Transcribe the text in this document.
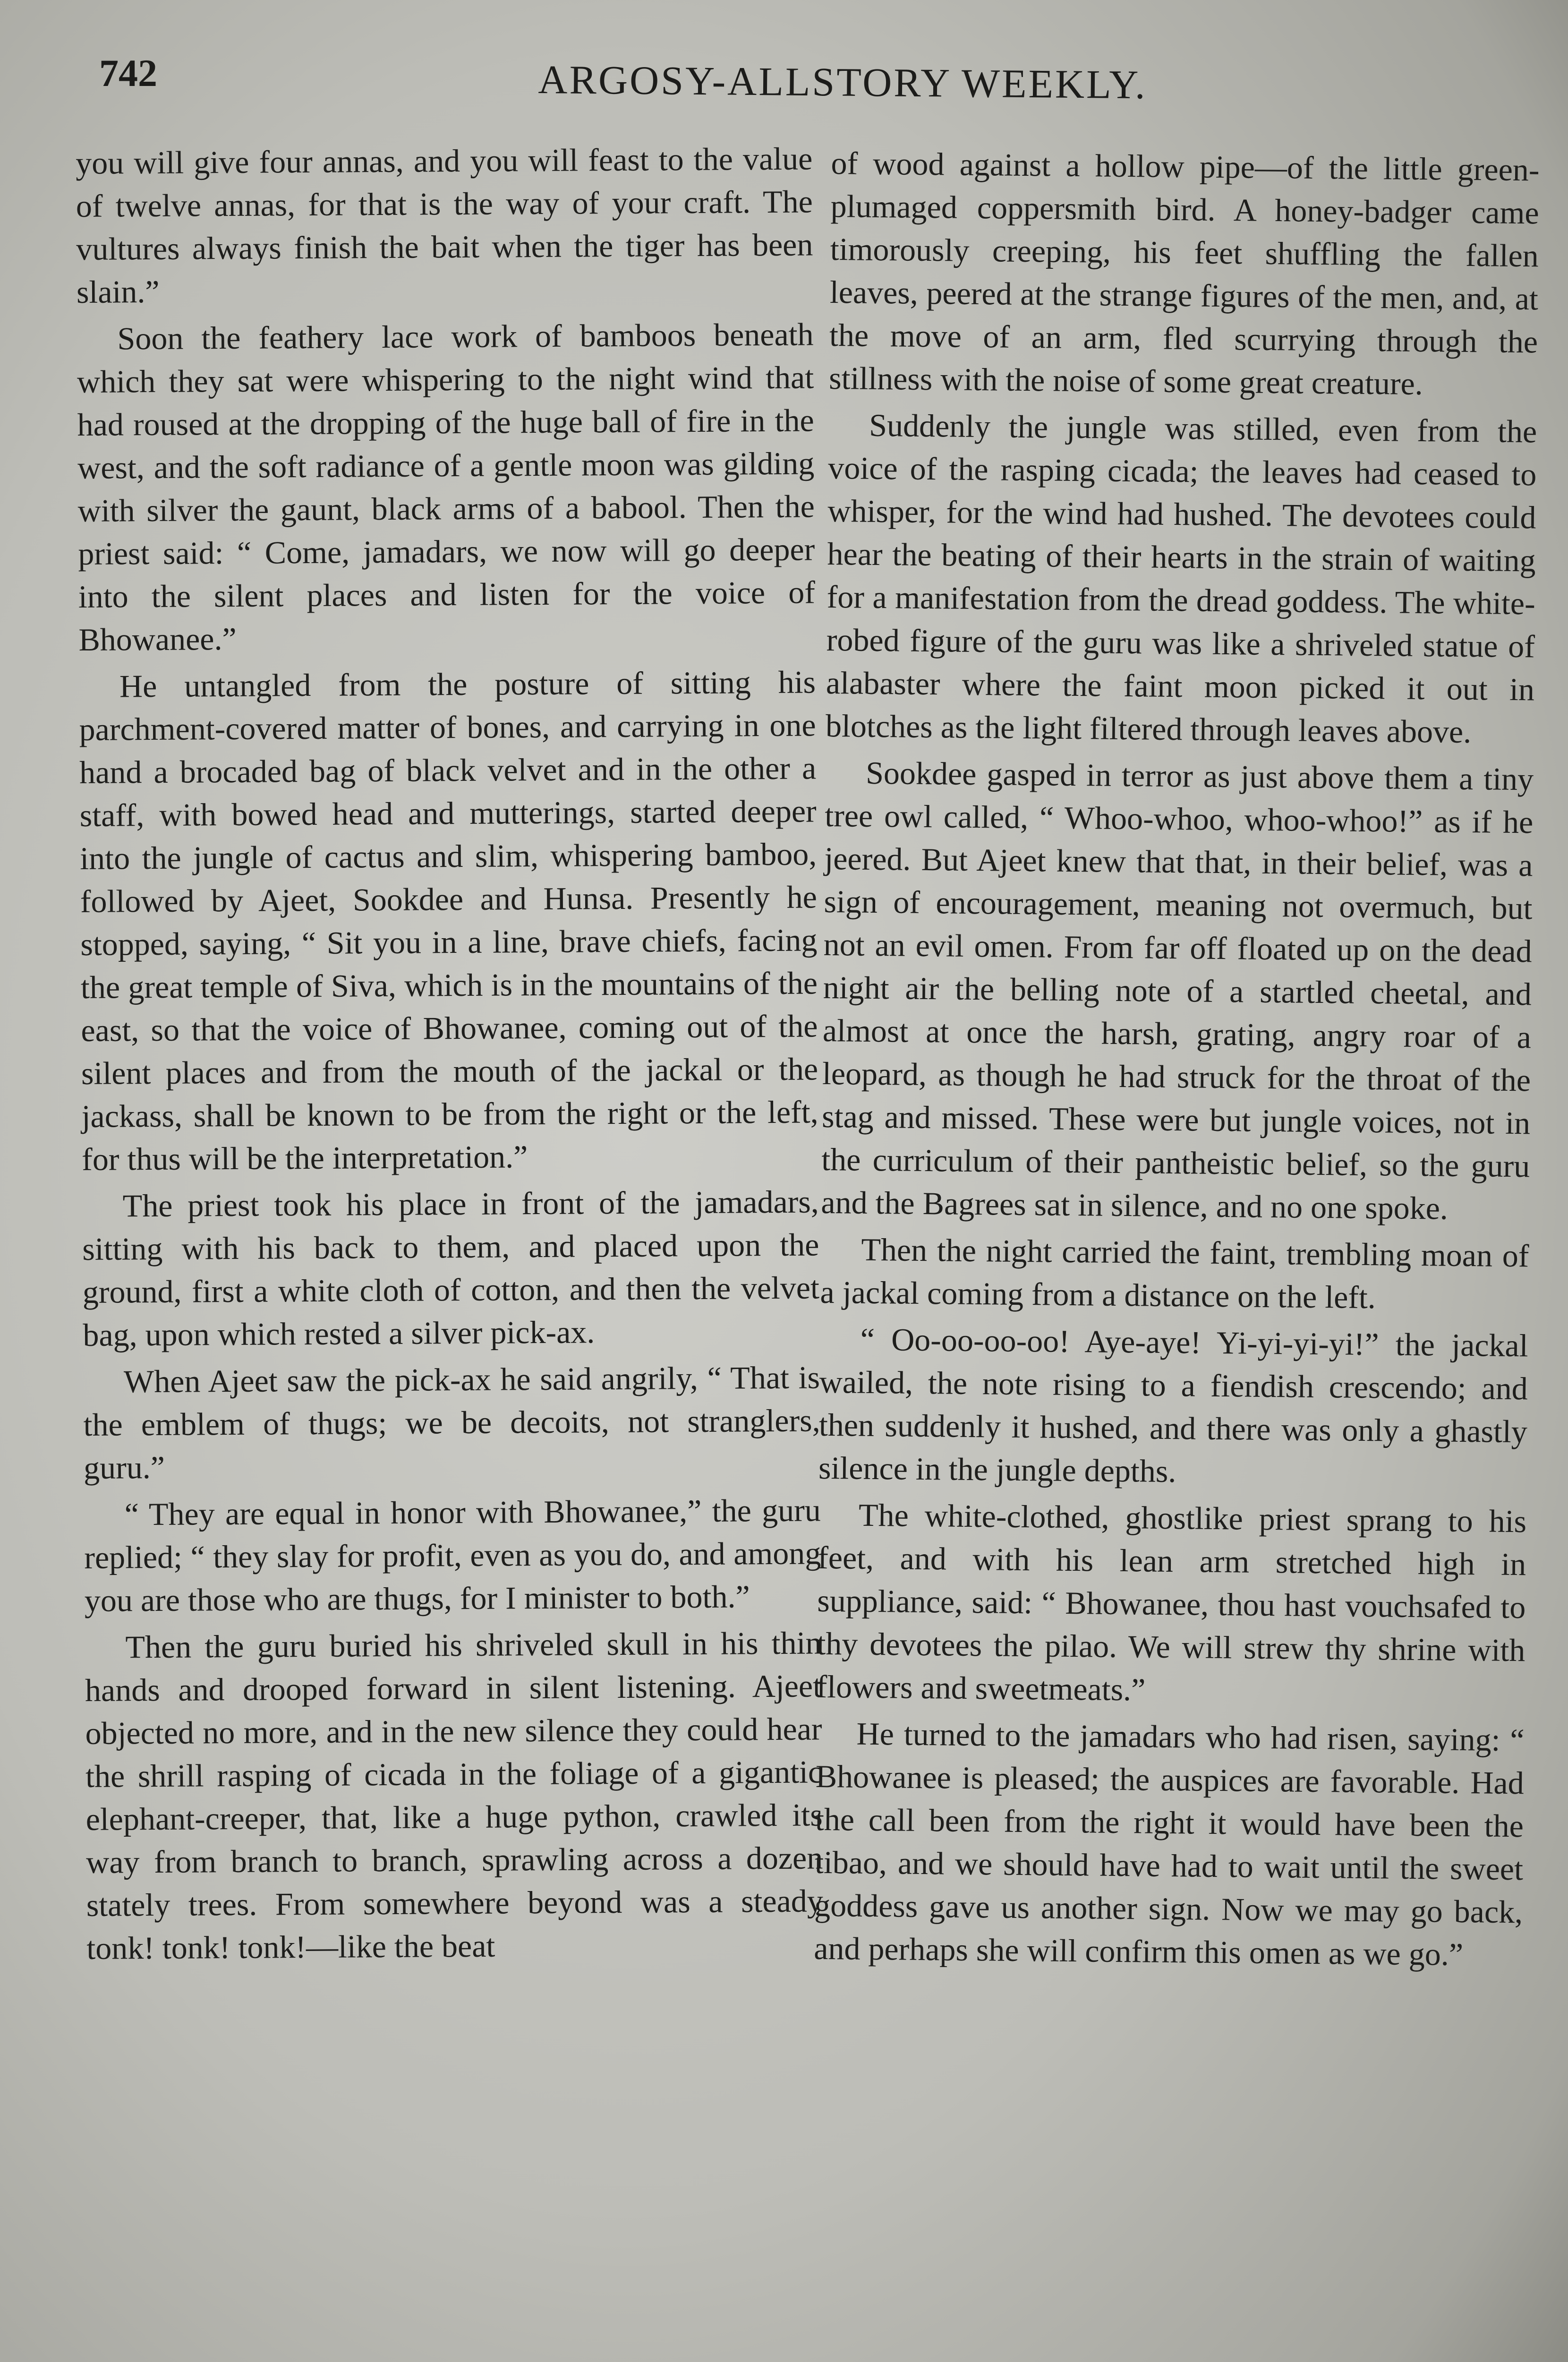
742	ARGOSY-ALLSTORY WEEKLY.

you will give four annas, and you will feast to the value of twelve annas, for that is the way of your craft. The vultures always finish the bait when the tiger has been slain.”

Soon the feathery lace work of bamboos beneath which they sat were whispering to the night wind that had roused at the dropping of the huge ball of fire in the west, and the soft radiance of a gentle moon was gilding with silver the gaunt, black arms of a babool. Then the priest said: “ Come, jamadars, we now will go deeper into the silent places and listen for the voice of Bhowanee.”

He untangled from the posture of sitting his parchment-covered matter of bones, and carrying in one hand a brocaded bag of black velvet and in the other a staff, with bowed head and mutterings, started deeper into the jungle of cactus and slim, whispering bamboo, followed by Ajeet, Sookdee and Hunsa. Presently he stopped, saying, “ Sit you in a line, brave chiefs, facing the great temple of Siva, which is in the mountains of the east, so that the voice of Bhowanee, coming out of the silent places and from the mouth of the jackal or the jackass, shall be known to be from the right or the left, for thus will be the interpretation.”

The priest took his place in front of the jamadars, sitting with his back to them, and placed upon the ground, first a white cloth of cotton, and then the velvet bag, upon which rested a silver pick-ax.

When Ajeet saw the pick-ax he said angrily, “ That is the emblem of thugs; we be decoits, not stranglers, guru.”

“ They are equal in honor with Bhowanee,” the guru replied; “ they slay for profit, even as you do, and among you are those who are thugs, for I minister to both.”

Then the guru buried his shriveled skull in his thin hands and drooped forward in silent listening. Ajeet objected no more, and in the new silence they could hear the shrill rasping of cicada in the foliage of a gigantic elephant-creeper, that, like a huge python, crawled its way from branch to branch, sprawling across a dozen stately trees. From somewhere beyond was a steady tonk! tonk! tonk!—like the beat

of wood against a hollow pipe—of the little green-plumaged coppersmith bird. A honey-badger came timorously creeping, his feet shuffling the fallen leaves, peered at the strange figures of the men, and, at the move of an arm, fled scurrying through the stillness with the noise of some great creature.

Suddenly the jungle was stilled, even from the voice of the rasping cicada; the leaves had ceased to whisper, for the wind had hushed. The devotees could hear the beating of their hearts in the strain of waiting for a manifestation from the dread goddess. The white-robed figure of the guru was like a shriveled statue of alabaster where the faint moon picked it out in blotches as the light filtered through leaves above.

Sookdee gasped in terror as just above them a tiny tree owl called, “ Whoo-whoo, whoo-whoo!” as if he jeered. But Ajeet knew that that, in their belief, was a sign of encouragement, meaning not overmuch, but not an evil omen. From far off floated up on the dead night air the belling note of a startled cheetal, and almost at once the harsh, grating, angry roar of a leopard, as though he had struck for the throat of the stag and missed. These were but jungle voices, not in the curriculum of their pantheistic belief, so the guru and the Bagrees sat in silence, and no one spoke.

Then the night carried the faint, trembling moan of a jackal coming from a distance on the left.

“ Oo-oo-oo-oo! Aye-aye! Yi-yi-yi-yi!” the jackal wailed, the note rising to a fiendish crescendo; and then suddenly it hushed, and there was only a ghastly silence in the jungle depths.

The white-clothed, ghostlike priest sprang to his feet, and with his lean arm stretched high in suppliance, said: “ Bhowanee, thou hast vouchsafed to thy devotees the pilao. We will strew thy shrine with flowers and sweetmeats.”

He turned to the jamadars who had risen, saying: “ Bhowanee is pleased; the auspices are favorable. Had the call been from the right it would have been the tibao, and we should have had to wait until the sweet goddess gave us another sign. Now we may go back, and perhaps she will confirm this omen as we go.”
